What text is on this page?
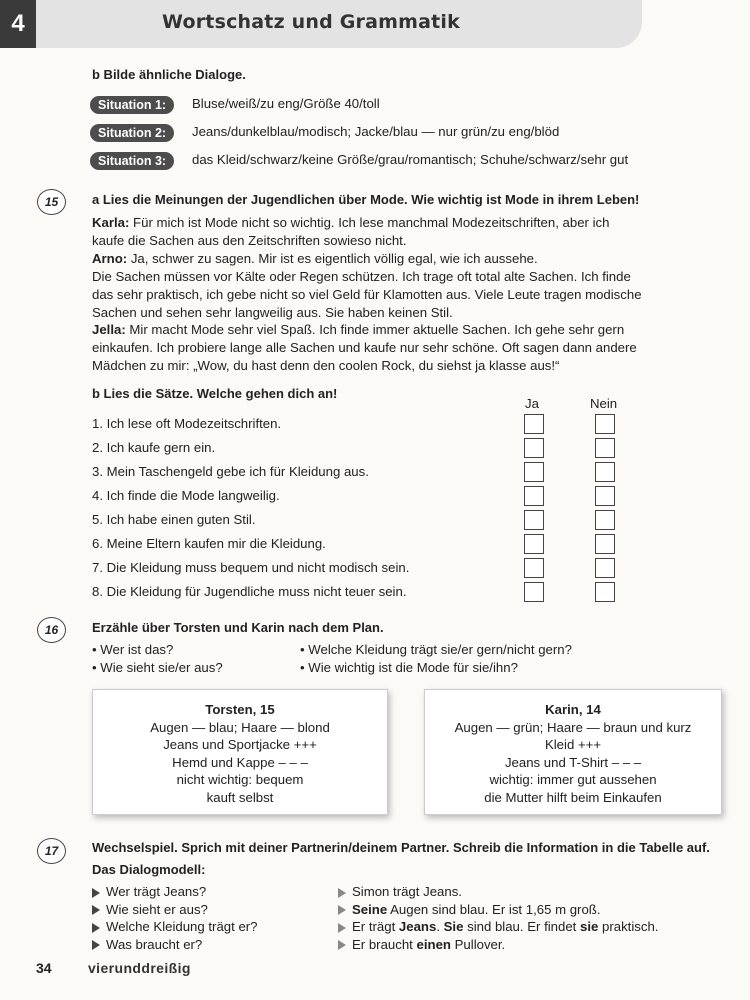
4	Wortschatz und Grammatik
b Bilde ähnliche Dialoge.
Situation 1:	Bluse/weiß/zu eng/Größe 40/toll
Situation 2:	Jeans/dunkelblau/modisch; Jacke/blau — nur grün/zu eng/blöd
Situation 3:	das Kleid/schwarz/keine Größe/grau/romantisch; Schuhe/schwarz/sehr gut
15	a Lies die Meinungen der Jugendlichen über Mode. Wie wichtig ist Mode in ihrem Leben!
Karla: Für mich ist Mode nicht so wichtig. Ich lese manchmal Modezeitschriften, aber ich
kaufe die Sachen aus den Zeitschriften sowieso nicht.
Arno: Ja, schwer zu sagen. Mir ist es eigentlich völlig egal, wie ich aussehe.
Die Sachen müssen vor Kälte oder Regen schützen. Ich trage oft total alte Sachen. Ich finde
das sehr praktisch, ich gebe nicht so viel Geld für Klamotten aus. Viele Leute tragen modische
Sachen und sehen sehr langweilig aus. Sie haben keinen Stil.
Jella: Mir macht Mode sehr viel Spaß. Ich finde immer aktuelle Sachen. Ich gehe sehr gern
einkaufen. Ich probiere lange alle Sachen und kaufe nur sehr schöne. Oft sagen dann andere
Mädchen zu mir: „Wow, du hast denn den coolen Rock, du siehst ja klasse aus!“
b Lies die Sätze. Welche gehen dich an!
Ja	Nein
1. Ich lese oft Modezeitschriften.
2. Ich kaufe gern ein.
3. Mein Taschengeld gebe ich für Kleidung aus.
4. Ich finde die Mode langweilig.
5. Ich habe einen guten Stil.
6. Meine Eltern kaufen mir die Kleidung.
7. Die Kleidung muss bequem und nicht modisch sein.
8. Die Kleidung für Jugendliche muss nicht teuer sein.
16	Erzähle über Torsten und Karin nach dem Plan.
• Wer ist das?
• Wie sieht sie/er aus?
• Welche Kleidung trägt sie/er gern/nicht gern?
• Wie wichtig ist die Mode für sie/ihn?
Torsten, 15
Augen — blau; Haare — blond
Jeans und Sportjacke +++
Hemd und Kappe – – –
nicht wichtig: bequem
kauft selbst
Karin, 14
Augen — grün; Haare — braun und kurz
Kleid +++
Jeans und T-Shirt – – –
wichtig: immer gut aussehen
die Mutter hilft beim Einkaufen
17	Wechselspiel. Sprich mit deiner Partnerin/deinem Partner. Schreib die Information in die Tabelle auf.
Das Dialogmodell:
Wer trägt Jeans?	Simon trägt Jeans.
Wie sieht er aus?	Seine Augen sind blau. Er ist 1,65 m groß.
Welche Kleidung trägt er?	Er trägt Jeans. Sie sind blau. Er findet sie praktisch.
Was braucht er?	Er braucht einen Pullover.
34	vierunddreißig
